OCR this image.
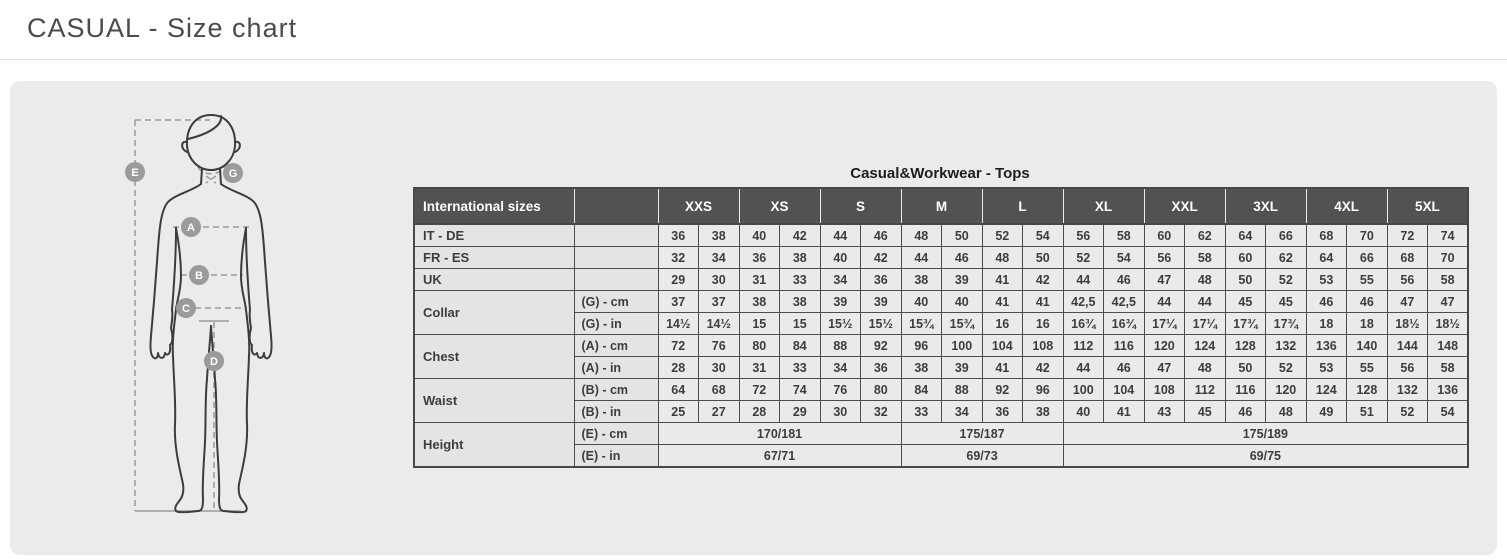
CASUAL - Size chart
E	G
A
B
C
D
Casual&Workwear - Tops
International sizes		XXS		XS		S		M		L		XL		XXL		3XL		4XL		5XL	
IT - DE		36	38	40	42	44	46	48	50	52	54	56	58	60	62	64	66	68	70	72	74
FR - ES		32	34	36	38	40	42	44	46	48	50	52	54	56	58	60	62	64	66	68	70
UK		29	30	31	33	34	36	38	39	41	42	44	46	47	48	50	52	53	55	56	58
Collar	(G) - cm	37	37	38	38	39	39	40	40	41	41	42,5	42,5	44	44	45	45	46	46	47	47
	(G) - in	14½	14½	15	15	15½	15½	15¾	15¾	16	16	16¾	16¾	17¼	17¼	17¾	17¾	18	18	18½	18½
Chest	(A) - cm	72	76	80	84	88	92	96	100	104	108	112	116	120	124	128	132	136	140	144	148
	(A) - in	28	30	31	33	34	36	38	39	41	42	44	46	47	48	50	52	53	55	56	58
Waist	(B) - cm	64	68	72	74	76	80	84	88	92	96	100	104	108	112	116	120	124	128	132	136
	(B) - in	25	27	28	29	30	32	33	34	36	38	40	41	43	45	46	48	49	51	52	54
Height	(E) - cm	170/181						175/187				175/189									
	(E) - in	67/71						69/73				69/75									
